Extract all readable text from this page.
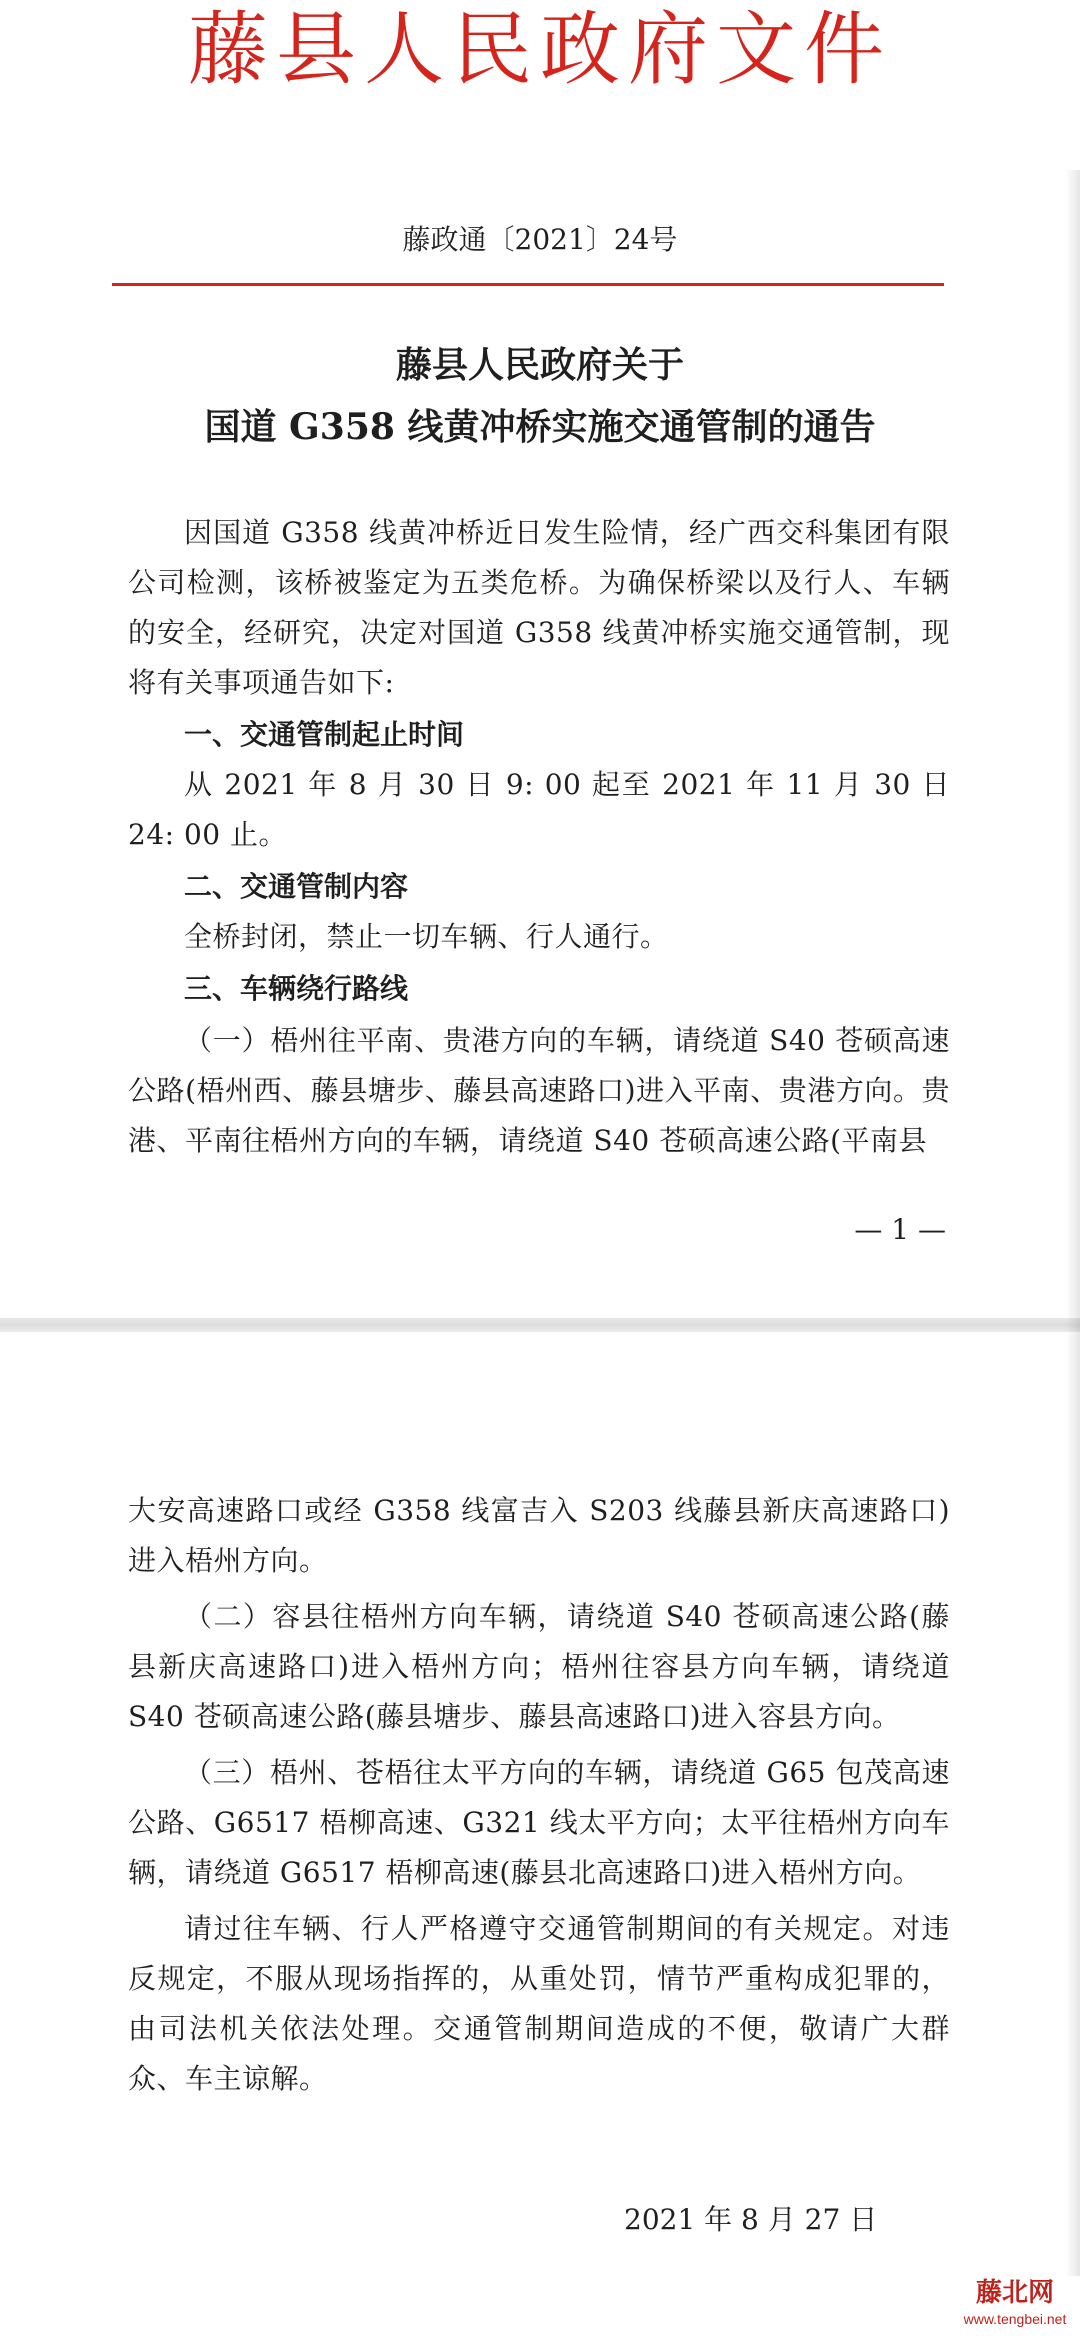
藤县人民政府文件
藤政通〔2021〕24号
藤县人民政府关于
国道 G358 线黄冲桥实施交通管制的通告
因国道 G358 线黄冲桥近日发生险情，经广西交科集团有限公司检测，该桥被鉴定为五类危桥。为确保桥梁以及行人、车辆的安全，经研究，决定对国道 G358 线黄冲桥实施交通管制，现将有关事项通告如下:
一、交通管制起止时间
从 2021 年 8 月 30 日 9: 00 起至 2021 年 11 月 30 日 24: 00 止。
二、交通管制内容
全桥封闭，禁止一切车辆、行人通行。
三、车辆绕行路线
（一）梧州往平南、贵港方向的车辆，请绕道 S40 苍硕高速公路(梧州西、藤县塘步、藤县高速路口)进入平南、贵港方向。贵港、平南往梧州方向的车辆，请绕道 S40 苍硕高速公路(平南县
— 1 —
大安高速路口或经 G358 线富吉入 S203 线藤县新庆高速路口)进入梧州方向。
（二）容县往梧州方向车辆，请绕道 S40 苍硕高速公路(藤县新庆高速路口)进入梧州方向；梧州往容县方向车辆，请绕道 S40 苍硕高速公路(藤县塘步、藤县高速路口)进入容县方向。
（三）梧州、苍梧往太平方向的车辆，请绕道 G65 包茂高速公路、G6517 梧柳高速、G321 线太平方向；太平往梧州方向车辆，请绕道 G6517 梧柳高速(藤县北高速路口)进入梧州方向。
请过往车辆、行人严格遵守交通管制期间的有关规定。对违反规定，不服从现场指挥的，从重处罚，情节严重构成犯罪的，由司法机关依法处理。交通管制期间造成的不便，敬请广大群众、车主谅解。
2021 年 8 月 27 日
藤北网
www.tengbei.net
